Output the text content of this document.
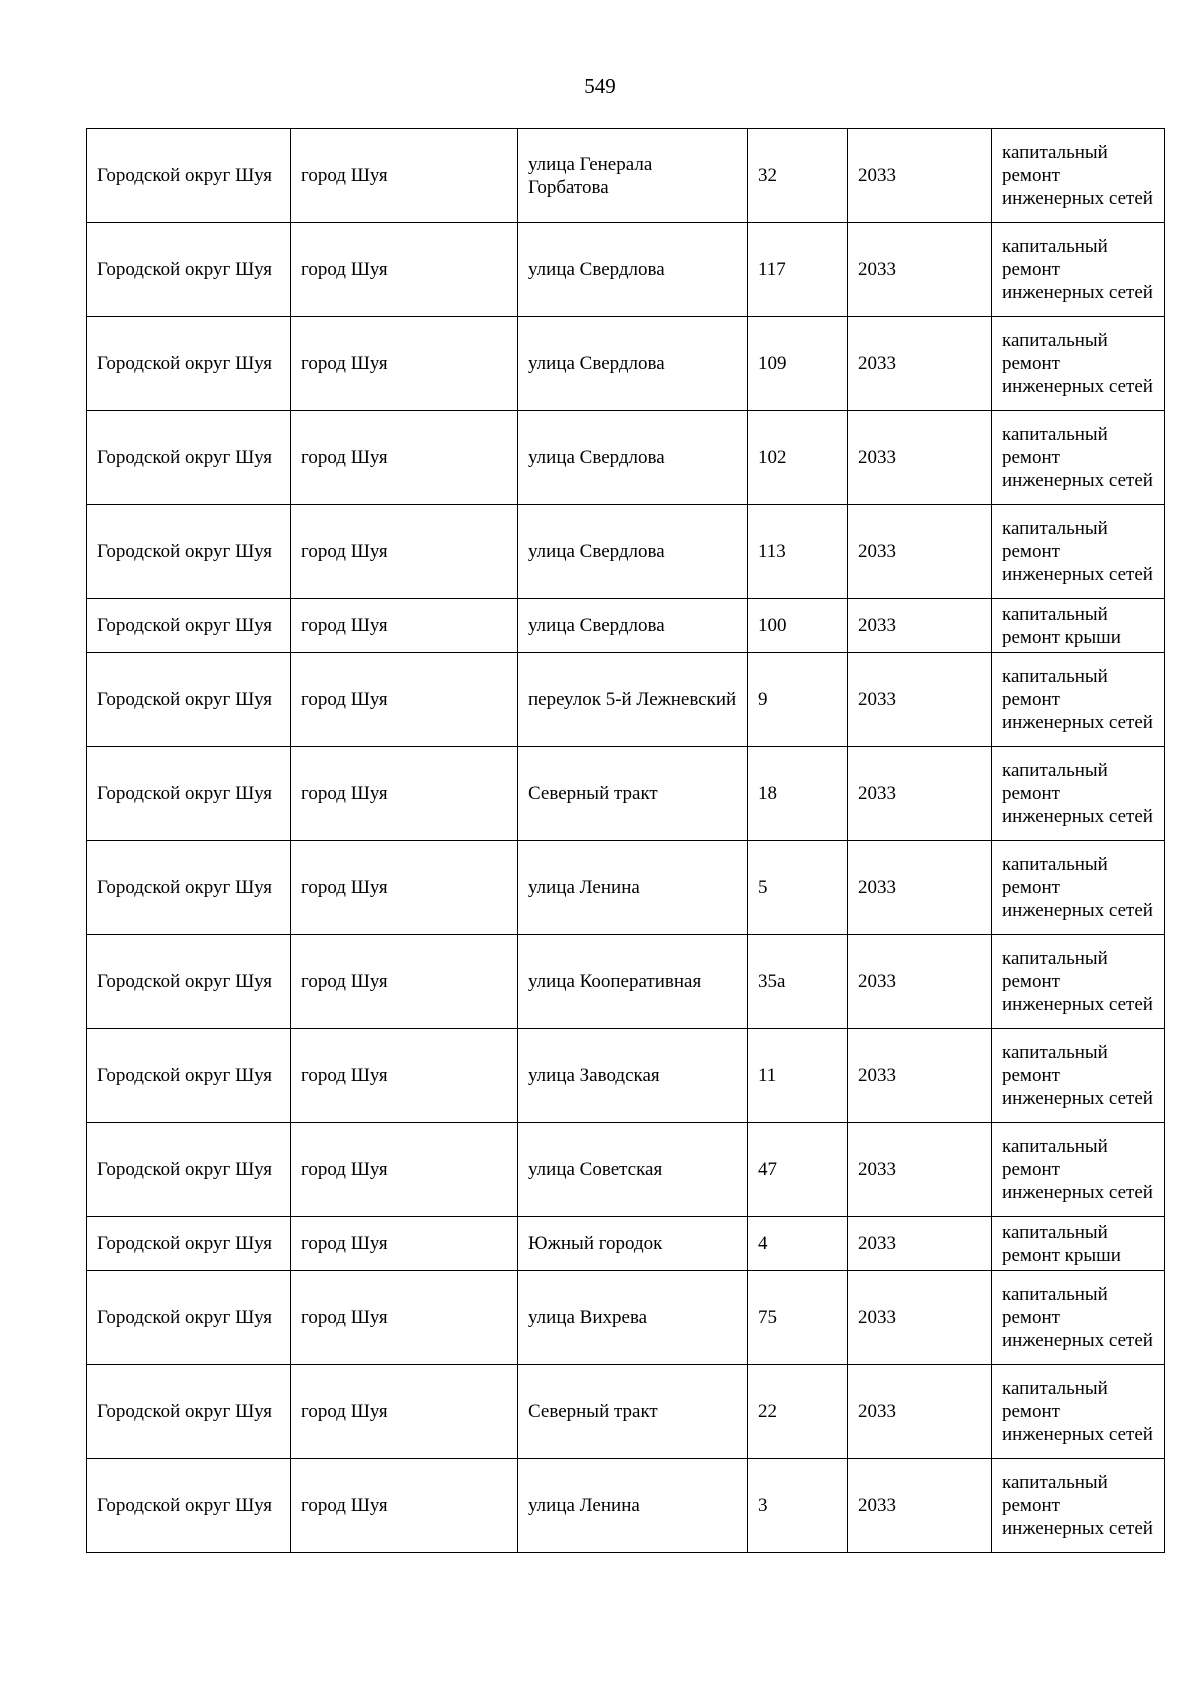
549
Городской округ Шуя	город Шуя	улица Генерала Горбатова	32	2033	капитальный ремонт инженерных сетей
Городской округ Шуя	город Шуя	улица Свердлова	117	2033	капитальный ремонт инженерных сетей
Городской округ Шуя	город Шуя	улица Свердлова	109	2033	капитальный ремонт инженерных сетей
Городской округ Шуя	город Шуя	улица Свердлова	102	2033	капитальный ремонт инженерных сетей
Городской округ Шуя	город Шуя	улица Свердлова	113	2033	капитальный ремонт инженерных сетей
Городской округ Шуя	город Шуя	улица Свердлова	100	2033	капитальный ремонт крыши
Городской округ Шуя	город Шуя	переулок 5-й Лежневский	9	2033	капитальный ремонт инженерных сетей
Городской округ Шуя	город Шуя	Северный тракт	18	2033	капитальный ремонт инженерных сетей
Городской округ Шуя	город Шуя	улица Ленина	5	2033	капитальный ремонт инженерных сетей
Городской округ Шуя	город Шуя	улица Кооперативная	35а	2033	капитальный ремонт инженерных сетей
Городской округ Шуя	город Шуя	улица Заводская	11	2033	капитальный ремонт инженерных сетей
Городской округ Шуя	город Шуя	улица Советская	47	2033	капитальный ремонт инженерных сетей
Городской округ Шуя	город Шуя	Южный городок	4	2033	капитальный ремонт крыши
Городской округ Шуя	город Шуя	улица Вихрева	75	2033	капитальный ремонт инженерных сетей
Городской округ Шуя	город Шуя	Северный тракт	22	2033	капитальный ремонт инженерных сетей
Городской округ Шуя	город Шуя	улица Ленина	3	2033	капитальный ремонт инженерных сетей
